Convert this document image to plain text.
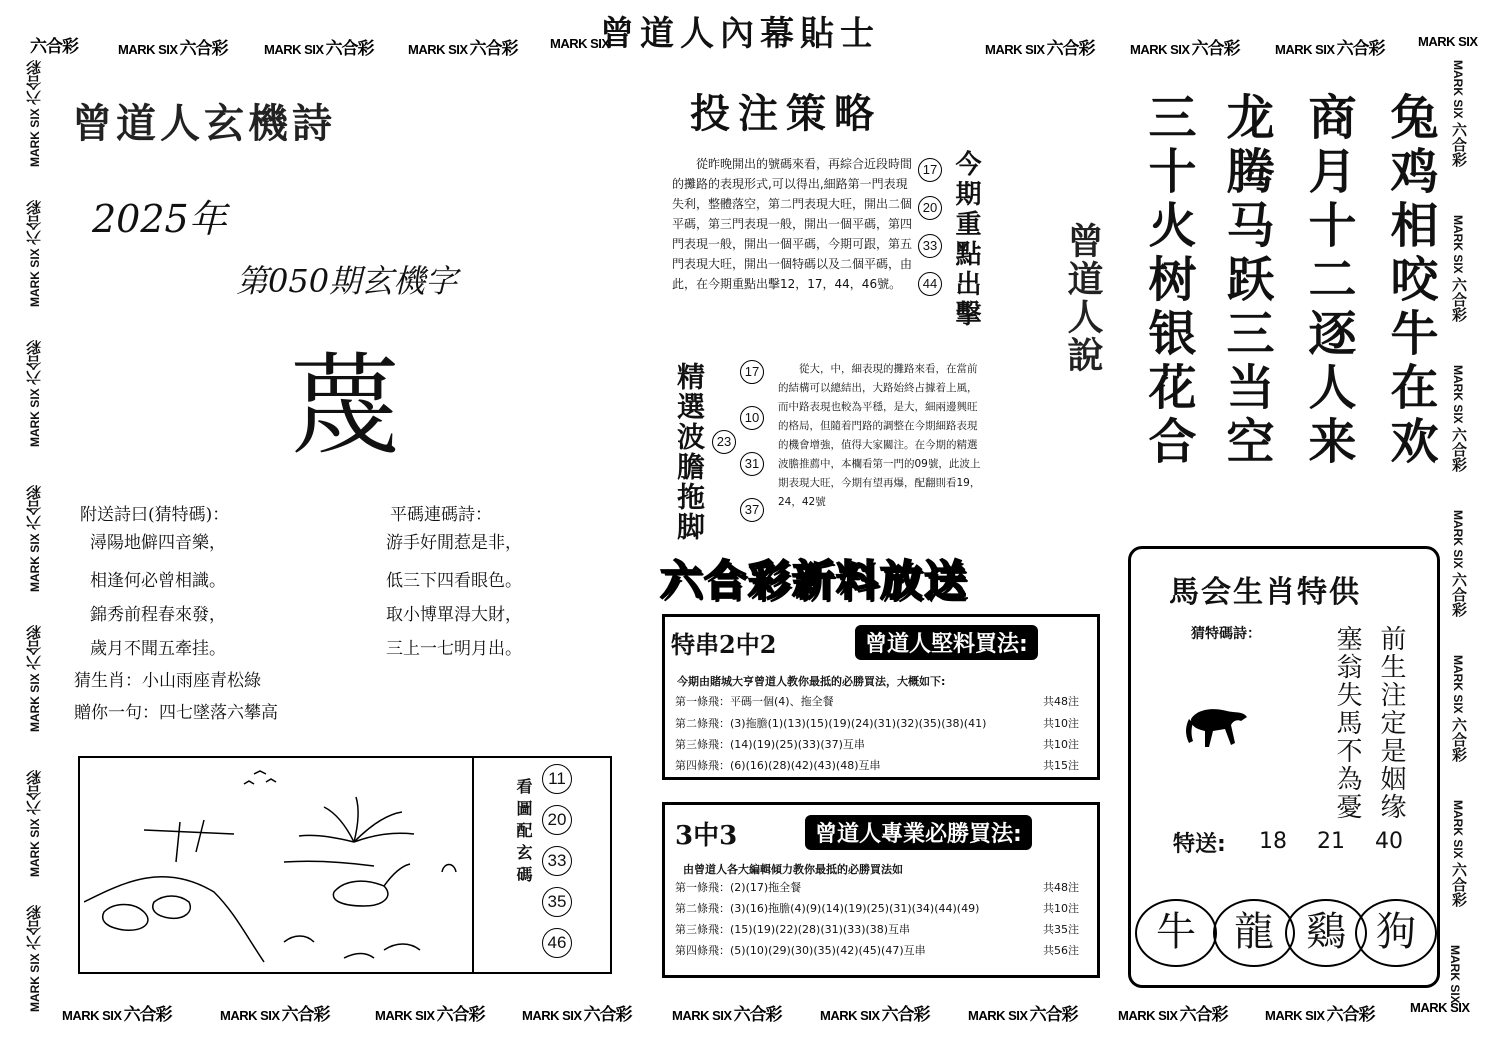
六合彩	MARK SIX 六合彩	MARK SIX 六合彩	MARK SIX 六合彩 MARK SIX	MARK SIX 六合彩	MARK SIX 六合彩	MARK SIX 六合彩	MARK SIX
曾道人內幕貼士
MARK SIX 六合彩
MARK SIX 六合彩
MARK SIX 六合彩
MARK SIX 六合彩
MARK SIX 六合彩
MARK SIX 六合彩
MARK SIX 六合彩
MARK SIX 六合彩
MARK SIX 六合彩
MARK SIX 六合彩
MARK SIX 六合彩
MARK SIX 六合彩
MARK SIX 六合彩
MARK SIX
MARK SIX 六合彩	MARK SIX 六合彩	MARK SIX 六合彩	MARK SIX 六合彩	MARK SIX 六合彩	MARK SIX 六合彩	MARK SIX 六合彩	MARK SIX 六合彩	MARK SIX 六合彩	MARK SIX
曾道人玄機詩
2025年
第050期玄機字
蔑
附送詩曰(猜特碼)：
潯陽地僻四音樂，
相逢何必曾相識。
錦秀前程春來發，
歲月不聞五牽挂。
平碼連碼詩：
游手好閒惹是非，
低三下四看眼色。
取小博單淂大財，
三上一七明月出。
猜生肖：小山雨座青松綠
贈你一句：四七墜落六攀高
看圖配玄碼 11 20 33 35 46
投注策略
從昨晚開出的號碼來看，再綜合近段時間的攤路的表現形式,可以得出,細路第一門表現失利，整體落空，第二門表現大旺，開出二個平碼，第三門表現一般，開出一個平碼，第四門表現一般，開出一個平碼，今期可跟，第五門表現大旺，開出一個特碼以及二個平碼，由此，在今期重點出擊12，17，44，46號。
17 20 33 44 今期重點出擊
精選波膽拖脚	17
10
23
31
37
從大，中，細表現的攤路來看，在當前的結構可以總結出，大路始終占據着上風，而中路表現也較為平穩，是大，細兩邊興旺的格局，但隨着門路的調整在今期細路表現的機會增強，值得大家關注。在今期的精選波膽推薦中，本欄看第一門的09號，此波上期表現大旺，今期有望再爆，配翻則看19，24，42號
曾道人說	兔鸡相咬牛在欢
商月十二逐人来
龙腾马跃三当空
三十火树银花合
六合彩新料放送
特串2中2	曾道人堅料買法:
今期由賭城大亨曾道人教你最抵的必勝買法，大概如下:
第一條飛：平碼一個(4)、拖全餐	共48注
第二條飛：(3)拖膽(1)(13)(15)(19)(24)(31)(32)(35)(38)(41)	共10注
第三條飛：(14)(19)(25)(33)(37)互串	共10注
第四條飛：(6)(16)(28)(42)(43)(48)互串	共15注
3中3	曾道人專業必勝買法:
由曾道人各大編輯傾力教你最抵的必勝買法如
第一條飛：(2)(17)拖全餐	共48注
第二條飛：(3)(16)拖膽(4)(9)(14)(19)(25)(31)(34)(44)(49)	共10注
第三條飛：(15)(19)(22)(28)(31)(33)(38)互串	共35注
第四條飛：(5)(10)(29)(30)(35)(42)(45)(47)互串	共56注
馬会生肖特供
猜特碼詩：	前生注定是姻缘
塞翁失馬不為憂
特送: 18 21 40
牛 龍 鷄 狗
